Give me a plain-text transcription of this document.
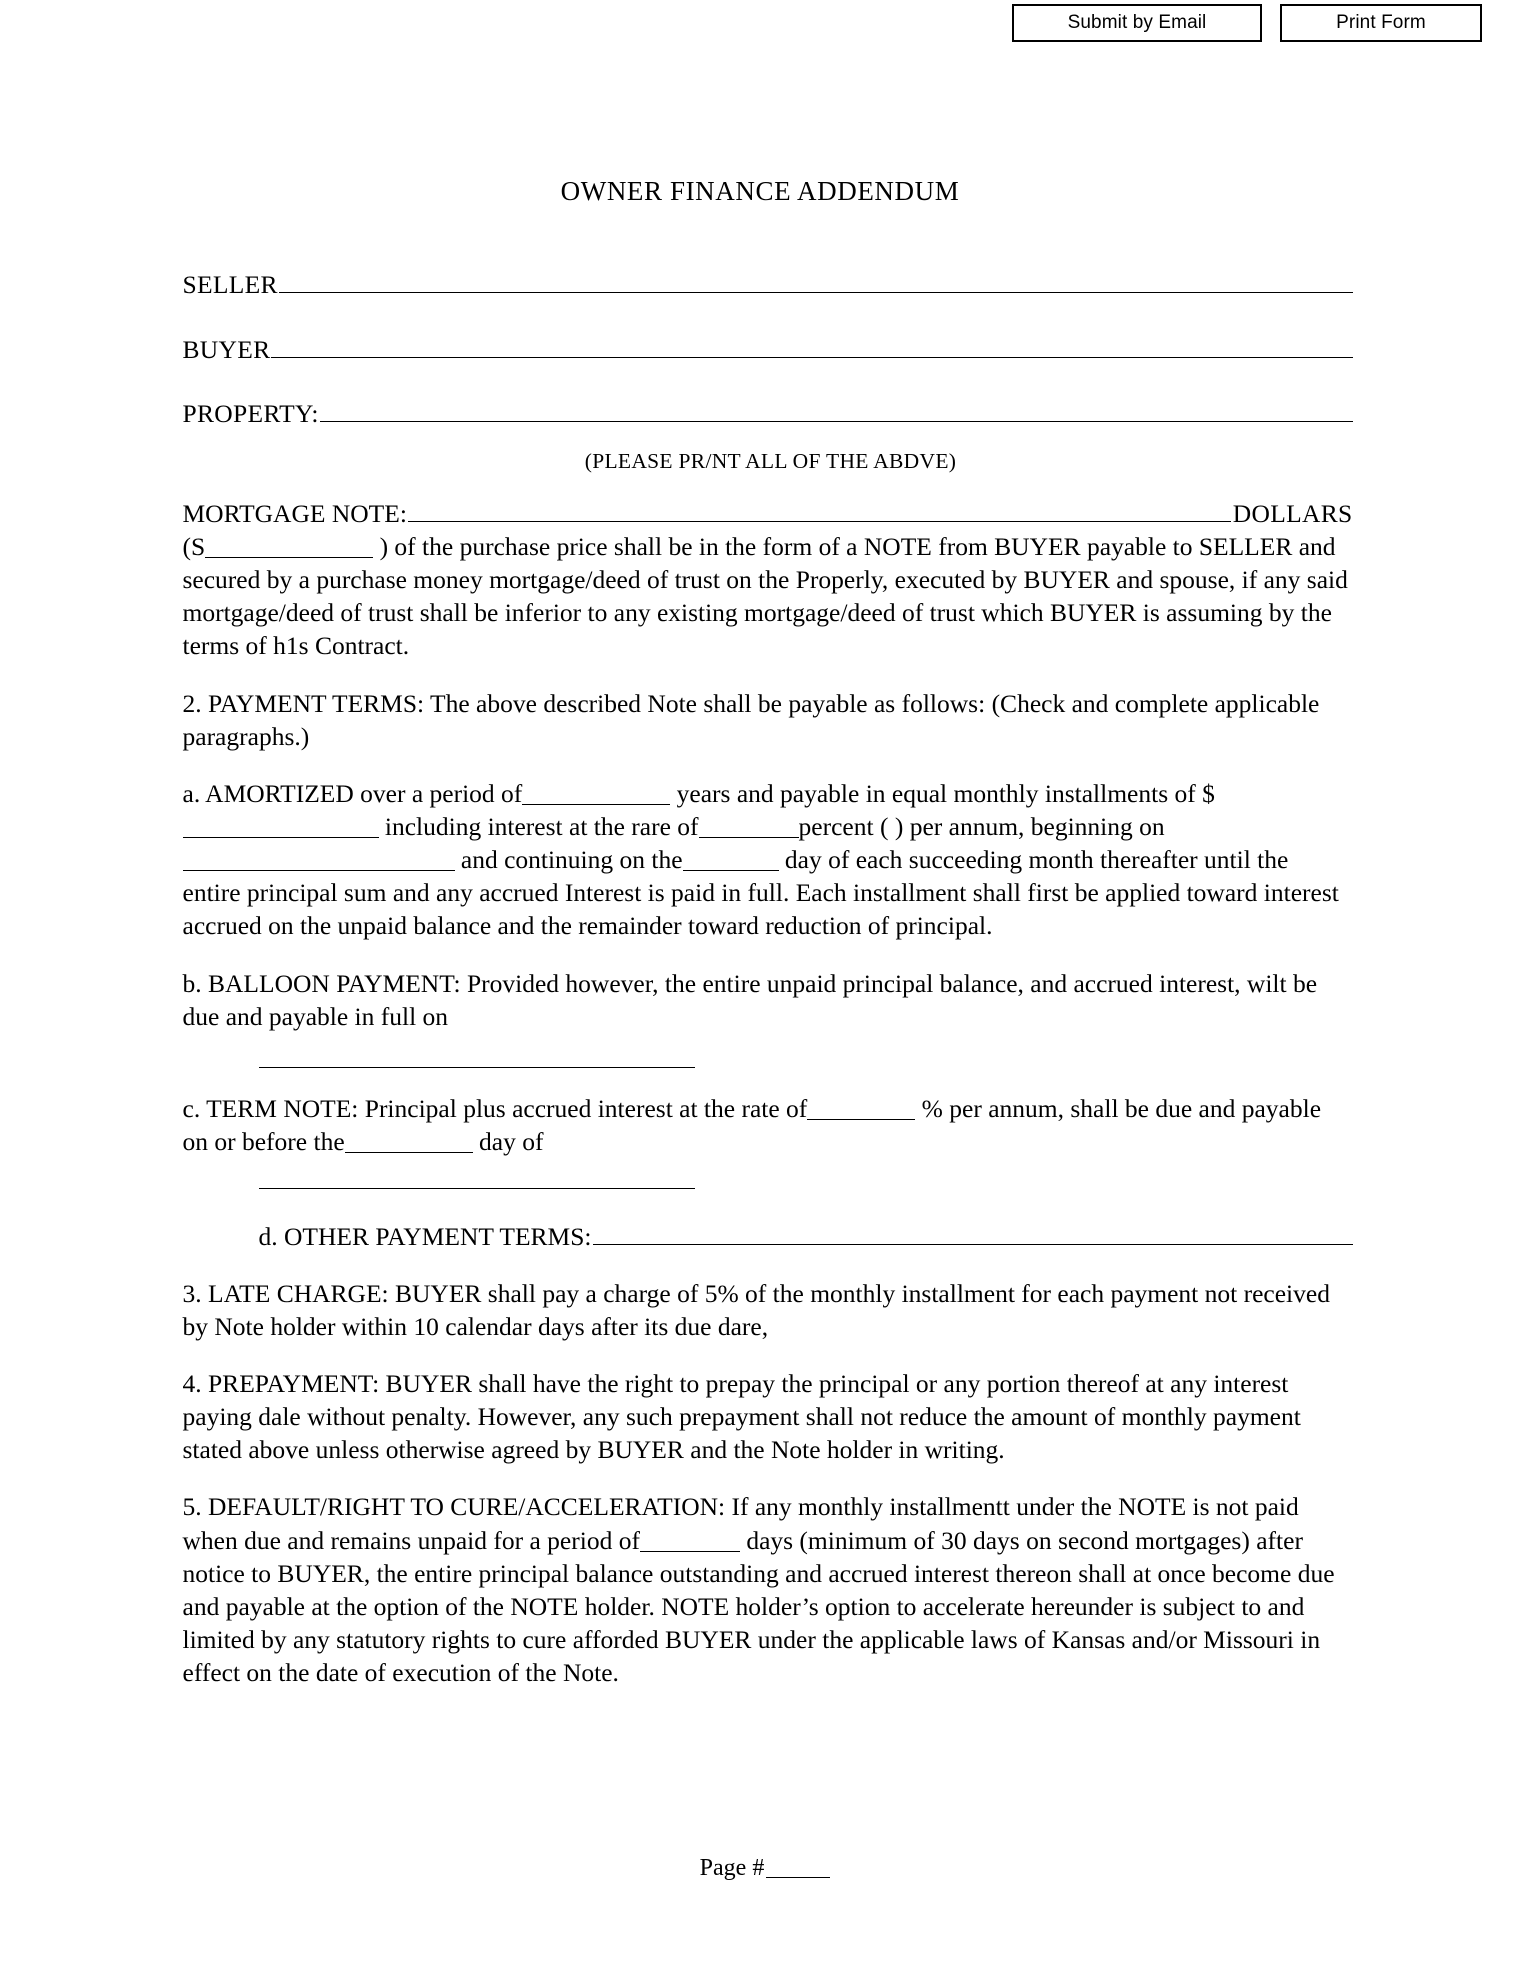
Submit by Email	Print Form
OWNER FINANCE ADDENDUM
SELLER
BUYER
PROPERTY:
(PLEASE PR/NT ALL OF THE ABDVE)
MORTGAGE NOTE:	DOLLARS

(S	) of the purchase price shall be in the form of a NOTE from BUYER payable to SELLER and secured by a purchase money mortgage/deed of trust on the Properly, executed by BUYER and spouse, if any said mortgage/deed of trust shall be inferior to any existing mortgage/deed of trust which BUYER is assuming by the terms of h1s Contract.

2. PAYMENT TERMS: The above described Note shall be payable as follows: (Check and complete applicable paragraphs.)

a. AMORTIZED over a period of	years and payable in equal monthly installments of $ including interest at the rare of	percent ( ) per annum, beginning on and continuing on the	day of each succeeding month thereafter until the entire principal sum and any accrued Interest is paid in full. Each installment shall first be applied toward interest accrued on the unpaid balance and the remainder toward reduction of principal.

b. BALLOON PAYMENT: Provided however, the entire unpaid principal balance, and accrued interest, wilt be due and payable in full on

c. TERM NOTE: Principal plus accrued interest at the rate of	% per annum, shall be due and payable on or before the	day of

d. OTHER PAYMENT TERMS:

3. LATE CHARGE: BUYER shall pay a charge of 5% of the monthly installment for each payment not received by Note holder within 10 calendar days after its due dare,

4. PREPAYMENT: BUYER shall have the right to prepay the principal or any portion thereof at any interest paying dale without penalty. However, any such prepayment shall not reduce the amount of monthly payment stated above unless otherwise agreed by BUYER and the Note holder in writing.

5. DEFAULT/RIGHT TO CURE/ACCELERATION: If any monthly installmentt under the NOTE is not paid when due and remains unpaid for a period of	days (minimum of 30 days on second mortgages) after notice to BUYER, the entire principal balance outstanding and accrued interest thereon shall at once become due and payable at the option of the NOTE holder. NOTE holder’s option to accelerate hereunder is subject to and limited by any statutory rights to cure afforded BUYER under the applicable laws of Kansas and/or Missouri in effect on the date of execution of the Note.

Page #
